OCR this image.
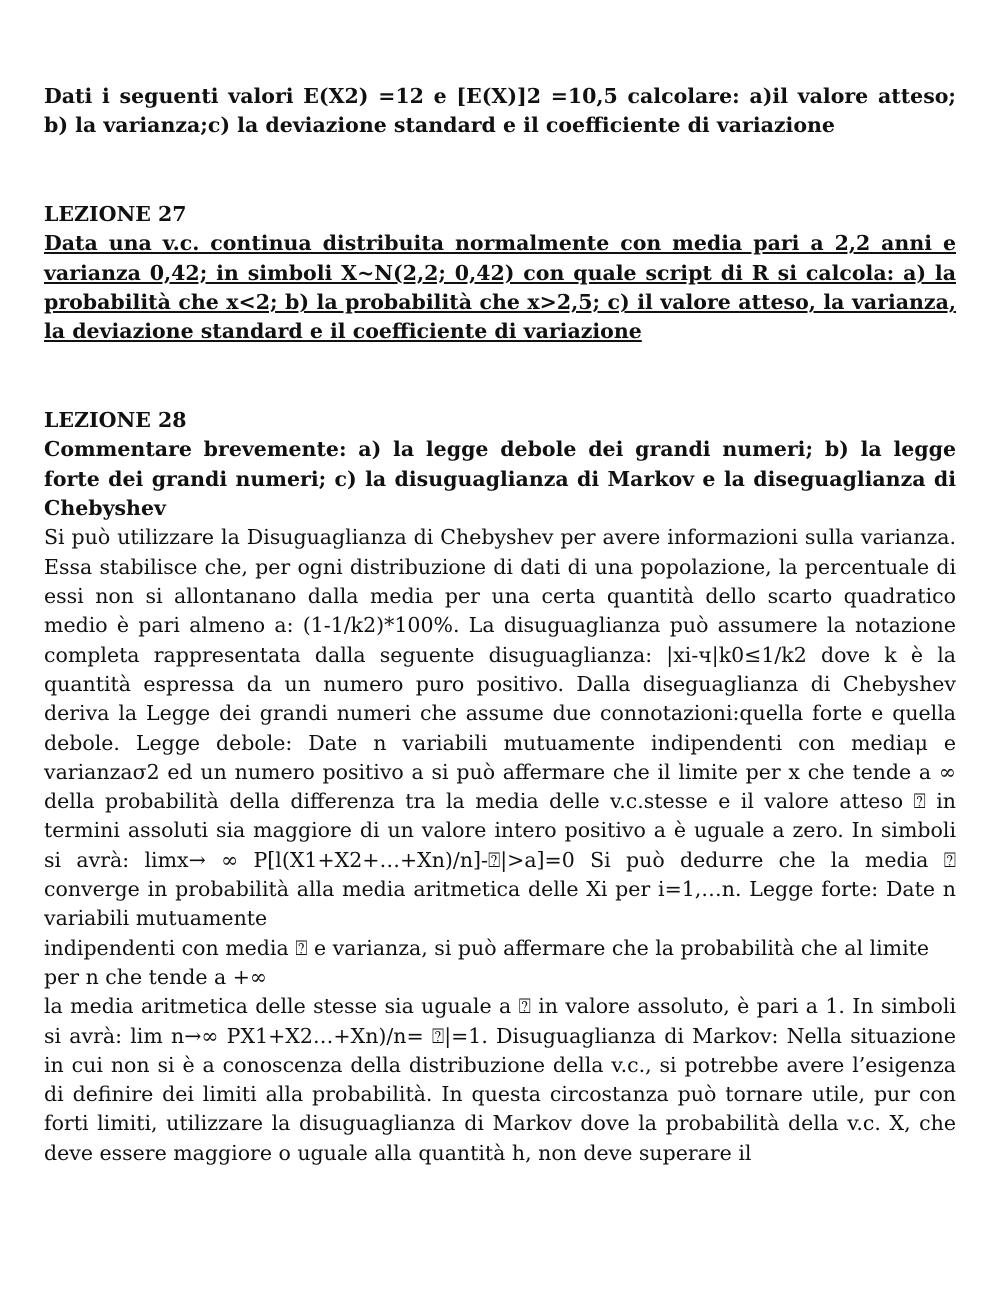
Dati i seguenti valori E(X2) =12 e [E(X)]2 =10,5 calcolare: a)il valore atteso; b) la varianza;c) la deviazione standard e il coefficiente di variazione

LEZIONE 27

Data una v.c. continua distribuita normalmente con media pari a 2,2 anni e varianza 0,42; in simboli X~N(2,2; 0,42) con quale script di R si calcola: a) la probabilità che x<2; b) la probabilità che x>2,5; c) il valore atteso, la varianza, la deviazione standard e il coefficiente di variazione

LEZIONE 28

Commentare brevemente: a) la legge debole dei grandi numeri; b) la legge forte dei grandi numeri; c) la disuguaglianza di Markov e la diseguaglianza di Chebyshev

Si può utilizzare la Disuguaglianza di Chebyshev per avere informazioni sulla varianza. Essa stabilisce che, per ogni distribuzione di dati di una popolazione, la percentuale di essi non si allontanano dalla media per una certa quantità dello scarto quadratico medio è pari almeno a: (1-1/k2)*100%. La disuguaglianza può assumere la notazione completa rappresentata dalla seguente disuguaglianza: |xi-ч|k0≤1/k2 dove k è la quantità espressa da un numero puro positivo. Dalla diseguaglianza di Chebyshev deriva la Legge dei grandi numeri che assume due connotazioni:quella forte e quella debole. Legge debole: Date n variabili mutuamente indipendenti con mediaμ e varianzaσ2 ed un numero positivo a si può affermare che il limite per x che tende a ∞ della probabilità della differenza tra la media delle v.c.stesse e il valore atteso ⍰ in termini assoluti sia maggiore di un valore intero positivo a è uguale a zero. In simboli si avrà: limx→ ∞ P[l(X1+X2+…+Xn)/n]-⍰|>a]=0 Si può dedurre che la media ⍰ converge in probabilità alla media aritmetica delle Xi per i=1,…n. Legge forte: Date n variabili mutuamente

indipendenti con media ⍰ e varianza, si può affermare che la probabilità che al limite per n che tende a +∞

la media aritmetica delle stesse sia uguale a ⍰ in valore assoluto, è pari a 1. In simboli si avrà: lim n→∞ PX1+X2…+Xn)/n= ⍰|=1. Disuguaglianza di Markov: Nella situazione in cui non si è a conoscenza della distribuzione della v.c., si potrebbe avere l’esigenza di definire dei limiti alla probabilità. In questa circostanza può tornare utile, pur con forti limiti, utilizzare la disuguaglianza di Markov dove la probabilità della v.c. X, che deve essere maggiore o uguale alla quantità h, non deve superare il
